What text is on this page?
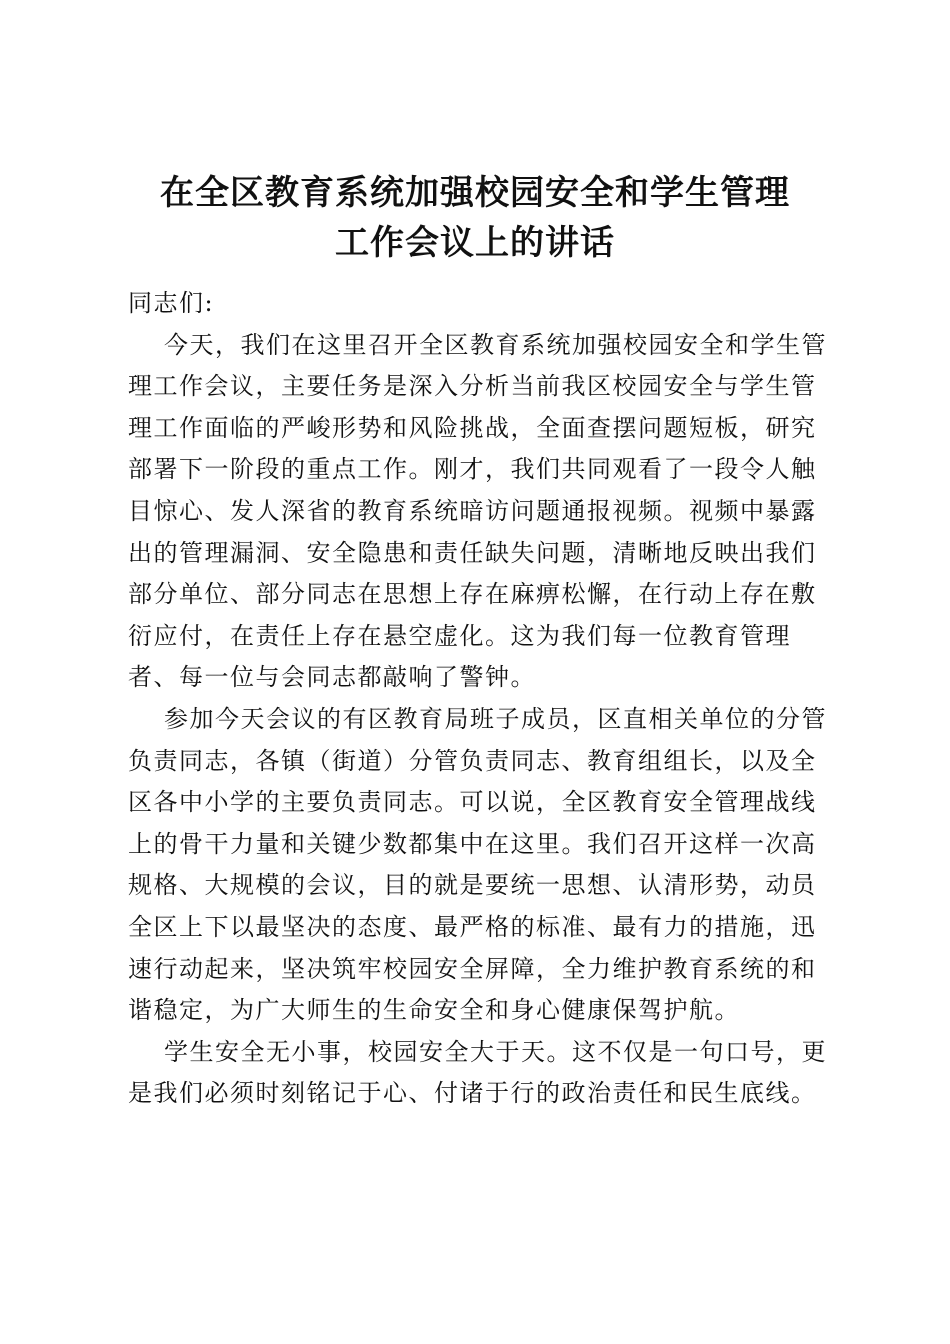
在全区教育系统加强校园安全和学生管理
工作会议上的讲话
同志们:
今天，我们在这里召开全区教育系统加强校园安全和学生管
理工作会议，主要任务是深入分析当前我区校园安全与学生管
理工作面临的严峻形势和风险挑战，全面查摆问题短板，研究
部署下一阶段的重点工作。刚才，我们共同观看了一段令人触
目惊心、发人深省的教育系统暗访问题通报视频。视频中暴露
出的管理漏洞、安全隐患和责任缺失问题，清晰地反映出我们
部分单位、部分同志在思想上存在麻痹松懈，在行动上存在敷
衍应付，在责任上存在悬空虚化。这为我们每一位教育管理
者、每一位与会同志都敲响了警钟。
参加今天会议的有区教育局班子成员，区直相关单位的分管
负责同志，各镇（街道）分管负责同志、教育组组长，以及全
区各中小学的主要负责同志。可以说，全区教育安全管理战线
上的骨干力量和关键少数都集中在这里。我们召开这样一次高
规格、大规模的会议，目的就是要统一思想、认清形势，动员
全区上下以最坚决的态度、最严格的标准、最有力的措施，迅
速行动起来，坚决筑牢校园安全屏障，全力维护教育系统的和
谐稳定，为广大师生的生命安全和身心健康保驾护航。
学生安全无小事，校园安全大于天。这不仅是一句口号，更
是我们必须时刻铭记于心、付诸于行的政治责任和民生底线。
